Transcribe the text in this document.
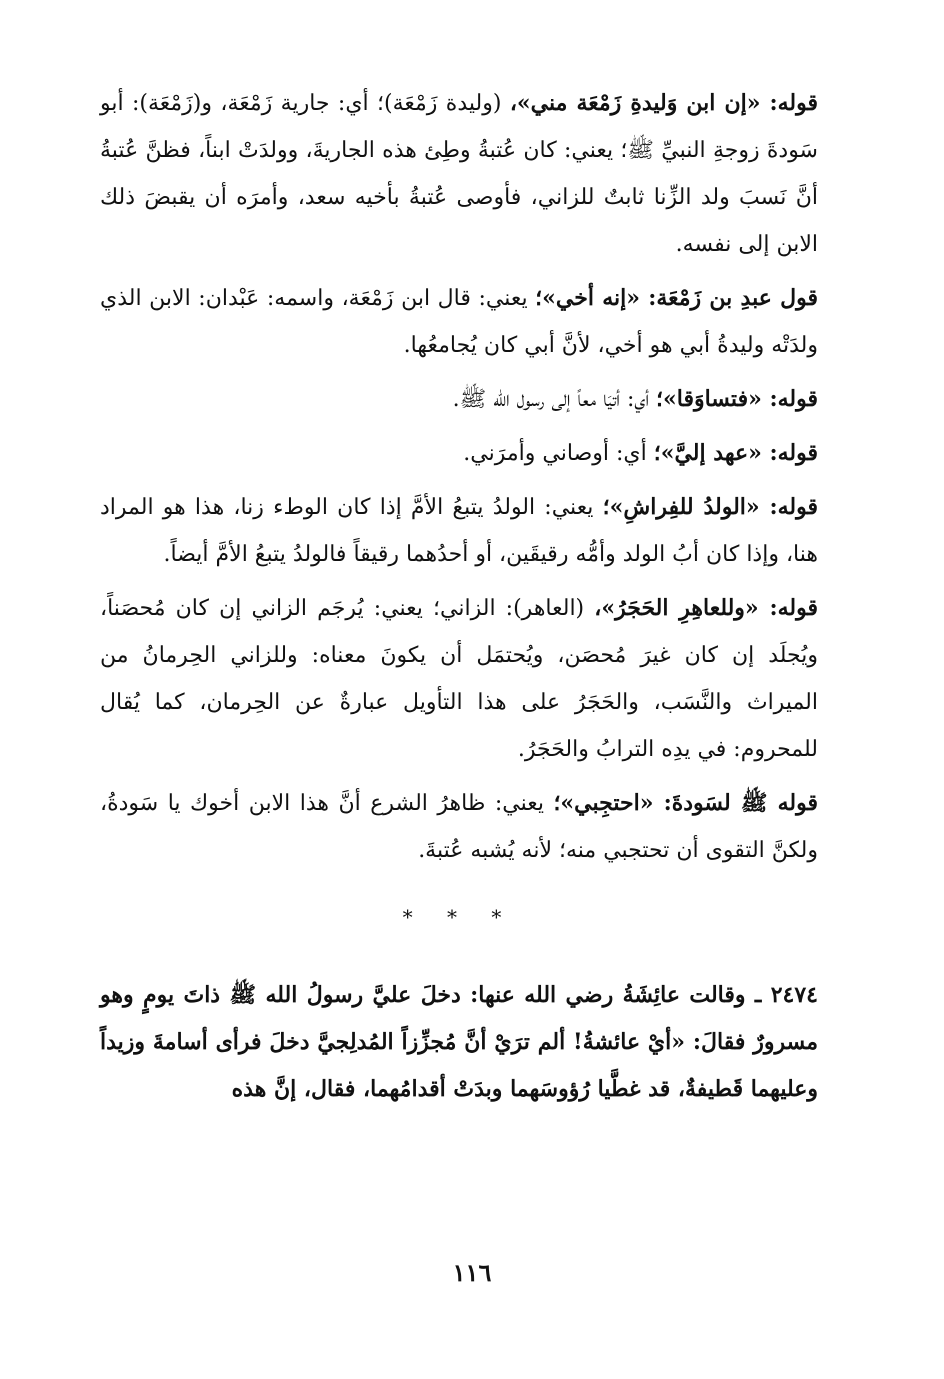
قوله: «إن ابن وَليدةِ زَمْعَة مني»، (وليدة زَمْعَة)؛ أي: جارية زَمْعَة، و(زَمْعَة): أبو سَودةَ زوجةِ النبيِّ ﷺ؛ يعني: كان عُتبةُ وطِئ هذه الجاريةَ، وولدَتْ ابناً، فظنَّ عُتبةُ أنَّ نَسبَ ولد الزِّنا ثابتٌ للزاني، فأوصى عُتبةُ بأخيه سعد، وأمرَه أن يقبضَ ذلك الابن إلى نفسه.

قول عبدِ بن زَمْعَة: «إنه أخي»؛ يعني: قال ابن زَمْعَة، واسمه: عَبْدان: الابن الذي ولدَتْه وليدةُ أبي هو أخي، لأنَّ أبي كان يُجامعُها.

قوله: «فتساوَقا»؛ أي: أتيَا معاً إلى رسول الله ﷺ.

قوله: «عهد إليَّ»؛ أي: أوصاني وأمرَني.

قوله: «الولدُ للفِراشِ»؛ يعني: الولدُ يتبعُ الأمَّ إذا كان الوطء زنا، هذا هو المراد هنا، وإذا كان أبُ الولد وأمُّه رقيقَين، أو أحدُهما رقيقاً فالولدُ يتبعُ الأمَّ أيضاً.

قوله: «وللعاهِرِ الحَجَرُ»، (العاهر): الزاني؛ يعني: يُرجَم الزاني إن كان مُحصَناً، ويُجلَد إن كان غيرَ مُحصَن، ويُحتمَل أن يكونَ معناه: وللزاني الحِرمانُ من الميراث والنَّسَب، والحَجَرُ على هذا التأويل عبارةٌ عن الحِرمان، كما يُقال للمحروم: في يدِه الترابُ والحَجَرُ.

قوله ﷺ لسَودةَ: «احتجِبي»؛ يعني: ظاهرُ الشرع أنَّ هذا الابن أخوك يا سَودةُ، ولكنَّ التقوى أن تحتجبي منه؛ لأنه يُشبه عُتبةَ.

* * *

٢٤٧٤ ـ وقالت عائِشَةُ رضي الله عنها: دخلَ عليَّ رسولُ الله ﷺ ذاتَ يومٍ وهو مسرورٌ فقالَ: «أيْ عائشةُ! ألم ترَيْ أنَّ مُجزِّزاً المُدلِجيَّ دخلَ فرأى أسامةَ وزيداً وعليهما قَطيفةٌ، قد غطَّيا رُؤوسَهما وبدَتْ أقدامُهما، فقال، إنَّ هذه

١١٦
